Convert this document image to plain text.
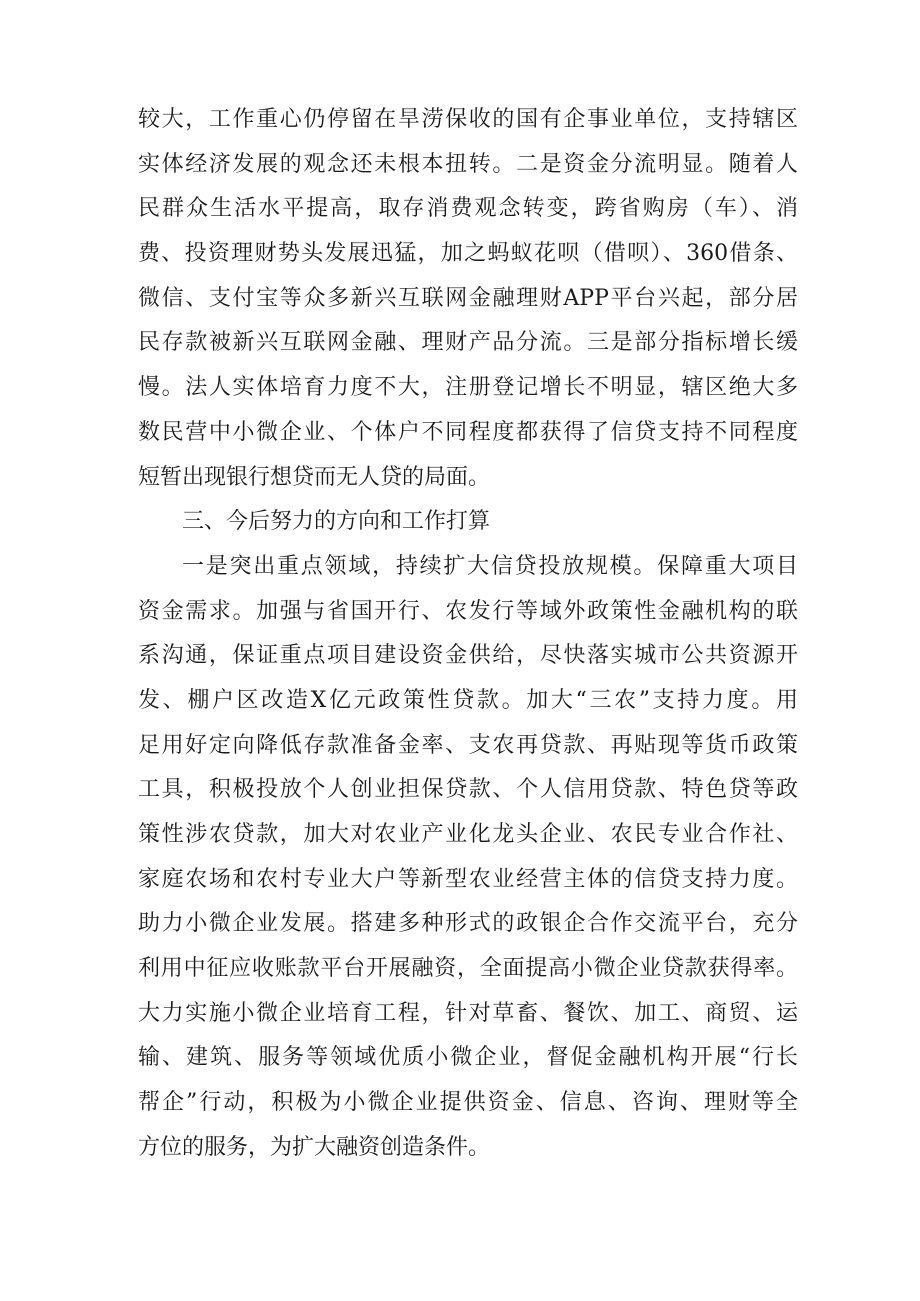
较大，工作重心仍停留在旱涝保收的国有企事业单位，支持辖区
实体经济发展的观念还未根本扭转。二是资金分流明显。随着人
民群众生活水平提高，取存消费观念转变，跨省购房（车）、消
费、投资理财势头发展迅猛，加之蚂蚁花呗（借呗）、360借条、
微信、支付宝等众多新兴互联网金融理财APP平台兴起，部分居
民存款被新兴互联网金融、理财产品分流。三是部分指标增长缓
慢。法人实体培育力度不大，注册登记增长不明显，辖区绝大多
数民营中小微企业、个体户不同程度都获得了信贷支持不同程度
短暂出现银行想贷而无人贷的局面。
三、今后努力的方向和工作打算
一是突出重点领域，持续扩大信贷投放规模。保障重大项目
资金需求。加强与省国开行、农发行等域外政策性金融机构的联
系沟通，保证重点项目建设资金供给，尽快落实城市公共资源开
发、棚户区改造X亿元政策性贷款。加大“三农”支持力度。用
足用好定向降低存款准备金率、支农再贷款、再贴现等货币政策
工具，积极投放个人创业担保贷款、个人信用贷款、特色贷等政
策性涉农贷款，加大对农业产业化龙头企业、农民专业合作社、
家庭农场和农村专业大户等新型农业经营主体的信贷支持力度。
助力小微企业发展。搭建多种形式的政银企合作交流平台，充分
利用中征应收账款平台开展融资，全面提高小微企业贷款获得率。
大力实施小微企业培育工程，针对草畜、餐饮、加工、商贸、运
输、建筑、服务等领域优质小微企业，督促金融机构开展“行长
帮企”行动，积极为小微企业提供资金、信息、咨询、理财等全
方位的服务，为扩大融资创造条件。
